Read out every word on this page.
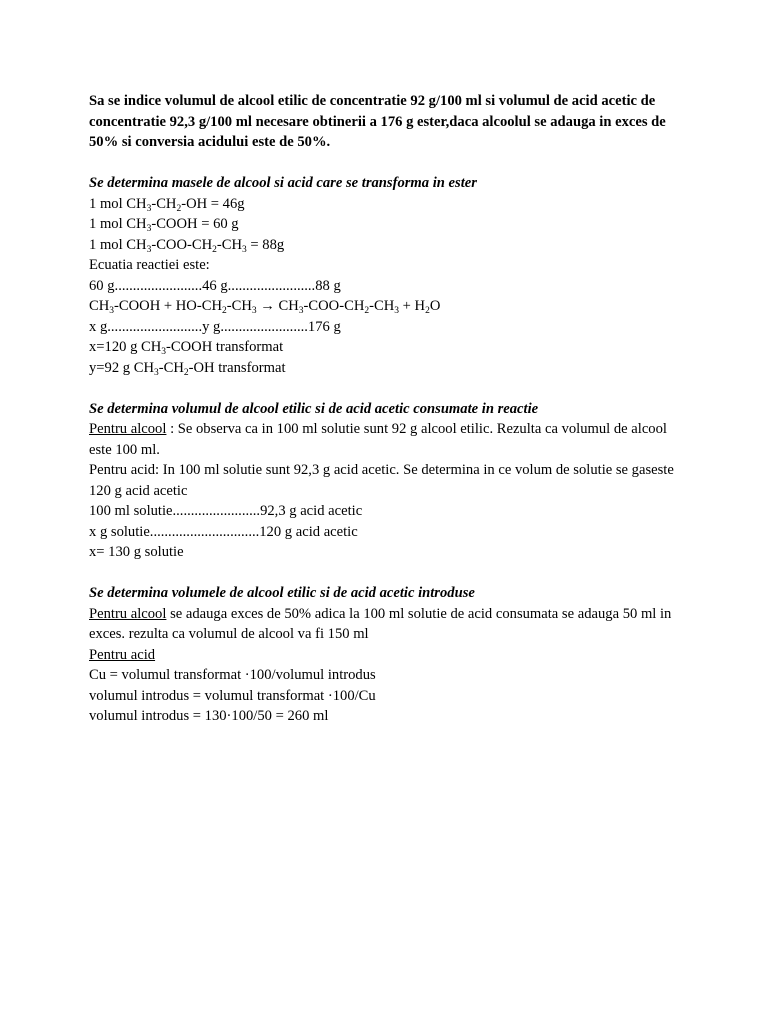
Sa se indice volumul de alcool etilic de concentratie 92 g/100 ml si volumul de acid acetic de concentratie 92,3 g/100 ml necesare obtinerii a 176 g ester,daca alcoolul se adauga in exces de 50% si conversia acidului este de 50%.

Se determina masele de alcool si acid care se transforma in ester

1 mol $CH_3-CH_2-OH = 46g$

1 mol $CH_3$-COOH = 60 g

1 mol $CH_3-COO-CH_2-CH_3 = 88g$

Ecuatia reactiei este:

60 g........................46 g........................88 g

$CH_3$-COOH + $HO-CH_2-CH_3 \to CH_3-COO-CH_2-CH_3 + H_2O$

x g..........................y g........................176 g

x=120 g $CH_3$-COOH transformat

y=92 g $CH_3-CH_2-OH$ transformat

Se determina volumul de alcool etilic si de acid acetic consumate in reactie

Pentru alcool : Se observa ca in 100 ml solutie sunt 92 g alcool etilic. Rezulta ca volumul de alcool este 100 ml.

Pentru acid: In 100 ml solutie sunt 92,3 g acid acetic. Se determina in ce volum de solutie se gaseste 120 g acid acetic

100 ml solutie........................92,3 g acid acetic

x g solutie..............................120 g acid acetic

x= 130 g solutie

Se determina volumele de alcool etilic si de acid acetic introduse

Pentru alcool se adauga exces de 50% adica la 100 ml solutie de acid consumata se adauga 50 ml in exces. rezulta ca volumul de alcool va fi 150 ml

Pentru acid

Cu = volumul transformat ·100/volumul introdus

volumul introdus = volumul transformat ·100/Cu

volumul introdus = 130·100/50 = 260 ml
